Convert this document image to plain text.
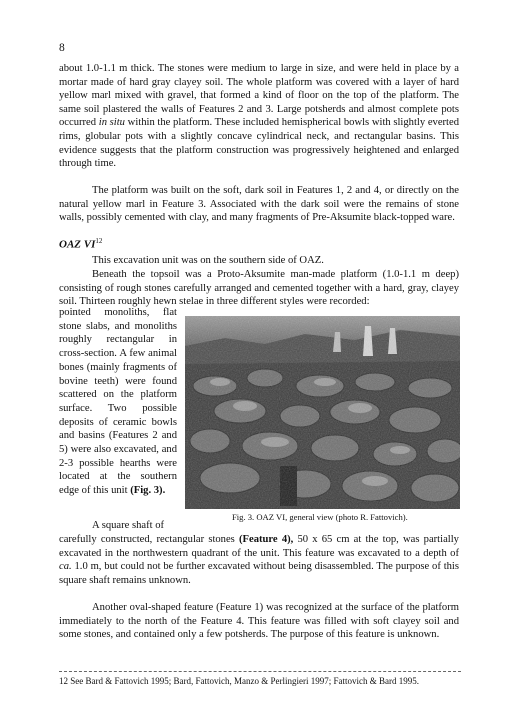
8

about 1.0-1.1 m thick. The stones were medium to large in size, and were held in place by a mortar made of hard gray clayey soil. The whole platform was covered with a layer of hard yellow marl mixed with gravel, that formed a kind of floor on the top of the platform. The same soil plastered the walls of Features 2 and 3. Large potsherds and almost complete pots occurred in situ within the platform. These included hemispherical bowls with slightly everted rims, globular pots with a slightly concave cylindrical neck, and rectangular basins. This evidence suggests that the platform construction was progressively heightened and enlarged through time.

The platform was built on the soft, dark soil in Features 1, 2 and 4, or directly on the natural yellow marl in Feature 3. Associated with the dark soil were the remains of stone walls, possibly cemented with clay, and many fragments of Pre-Aksumite black-topped ware.

OAZ VI$^{12}$

This excavation unit was on the southern side of OAZ.

Beneath the topsoil was a Proto-Aksumite man-made platform (1.0-1.1 m deep) consisting of rough stones carefully arranged and cemented together with a hard, gray, clayey soil. Thirteen roughly hewn stelae in three different styles were recorded:

pointed monoliths, flat stone slabs, and monoliths roughly rectangular in cross-section. A few animal bones (mainly fragments of bovine teeth) were found scattered on the platform surface. Two possible deposits of ceramic bowls and basins (Features 2 and 5) were also excavated, and 2-3 possible hearths were located at the southern edge of this unit (Fig. 3).

Fig. 3. OAZ VI, general view (photo R. Fattovich).

A square shaft of

carefully constructed, rectangular stones (Feature 4), 50 x 65 cm at the top, was partially excavated in the northwestern quadrant of the unit. This feature was excavated to a depth of ca. 1.0 m, but could not be further excavated without being disassembled. The purpose of this square shaft remains unknown.

Another oval-shaped feature (Feature 1) was recognized at the surface of the platform immediately to the north of the Feature 4. This feature was filled with soft clayey soil and some stones, and contained only a few potsherds. The purpose of this feature is unknown.

12 See Bard & Fattovich 1995; Bard, Fattovich, Manzo & Perlingieri 1997; Fattovich & Bard 1995.
